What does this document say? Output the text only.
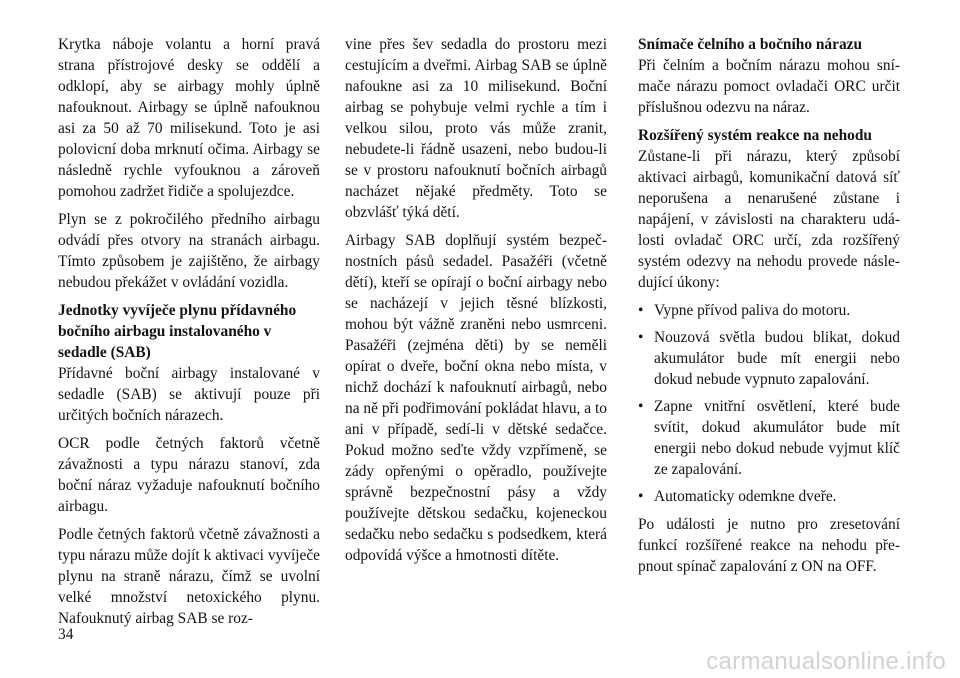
Krytka náboje volantu a horní pravá strana přístrojové desky se oddělí a odklopí, aby se airbagy mohly úplně nafouknout. Airbagy se úplně nafouknou asi za 50 až 70 milisekund. Toto je asi polovicní doba mrknutí očima. Airbagy se následně rychle vyfouknou a zároveň pomohou zadržet řidiče a spolujezdce.

Plyn se z pokročilého předního airbagu odvádí přes otvory na stranách airbagu. Tímto způsobem je zajištěno, že airbagy nebudou překážet v ovládání vozidla.

Jednotky vyvíječe plynu přídavného bočního airbagu instalovaného v sedadle (SAB)

Přídavné boční airbagy instalované v sedadle (SAB) se aktivují pouze při určitých bočních nárazech.

OCR podle četných faktorů včetně závažnosti a typu nárazu stanoví, zda boční náraz vyžaduje nafouknutí bočního airbagu.

Podle četných faktorů včetně závažnosti a typu nárazu může dojít k aktivaci vyvíječe plynu na straně nárazu, čímž se uvolní velké množství netoxického plynu. Nafouknutý airbag SAB se roz-

vine přes šev sedadla do prostoru mezi cestujícím a dveřmi. Airbag SAB se úplně nafoukne asi za 10 milisekund. Boční airbag se pohybuje velmi rychle a tím i velkou silou, proto vás může zranit, nebudete-li řádně usazeni, nebo budou-li se v prostoru nafouknutí bočních airbagů nacházet nějaké předměty. Toto se obzvlášť týká dětí.

Airbagy SAB doplňují systém bezpečnostních pásů sedadel. Pasažéři (včetně dětí), kteří se opírají o boční airbagy nebo se nacházejí v jejich těsné blízkosti, mohou být vážně zraněni nebo usmrceni. Pasažéři (zejména děti) by se neměli opírat o dveře, boční okna nebo místa, v nichž dochází k nafouknutí airbagů, nebo na ně při podřimování pokládat hlavu, a to ani v případě, sedí-li v dětské sedačce. Pokud možno seďte vždy vzpřímeně, se zády opřenými o opěradlo, používejte správně bezpečnostní pásy a vždy používejte dětskou sedačku, kojeneckou sedačku nebo sedačku s podsedkem, která odpovídá výšce a hmotnosti dítěte.

Snímače čelního a bočního nárazu

Při čelním a bočním nárazu mohou snímače nárazu pomoct ovladači ORC určit příslušnou odezvu na náraz.

Rozšířený systém reakce na nehodu

Zůstane-li při nárazu, který způsobí aktivaci airbagů, komunikační datová síť neporušena a nenarušené zůstane i napájení, v závislosti na charakteru události ovladač ORC určí, zda rozšířený systém odezvy na nehodu provede následující úkony:

• Vypne přívod paliva do motoru.
• Nouzová světla budou blikat, dokud akumulátor bude mít energii nebo dokud nebude vypnuto zapalování.
• Zapne vnitřní osvětlení, které bude svítit, dokud akumulátor bude mít energii nebo dokud nebude vyjmut klíč ze zapalování.
• Automaticky odemkne dveře.

Po události je nutno pro zresetování funkcí rozšířené reakce na nehodu přepnout spínač zapalování z ON na OFF.

34
carmanualsonline.info
